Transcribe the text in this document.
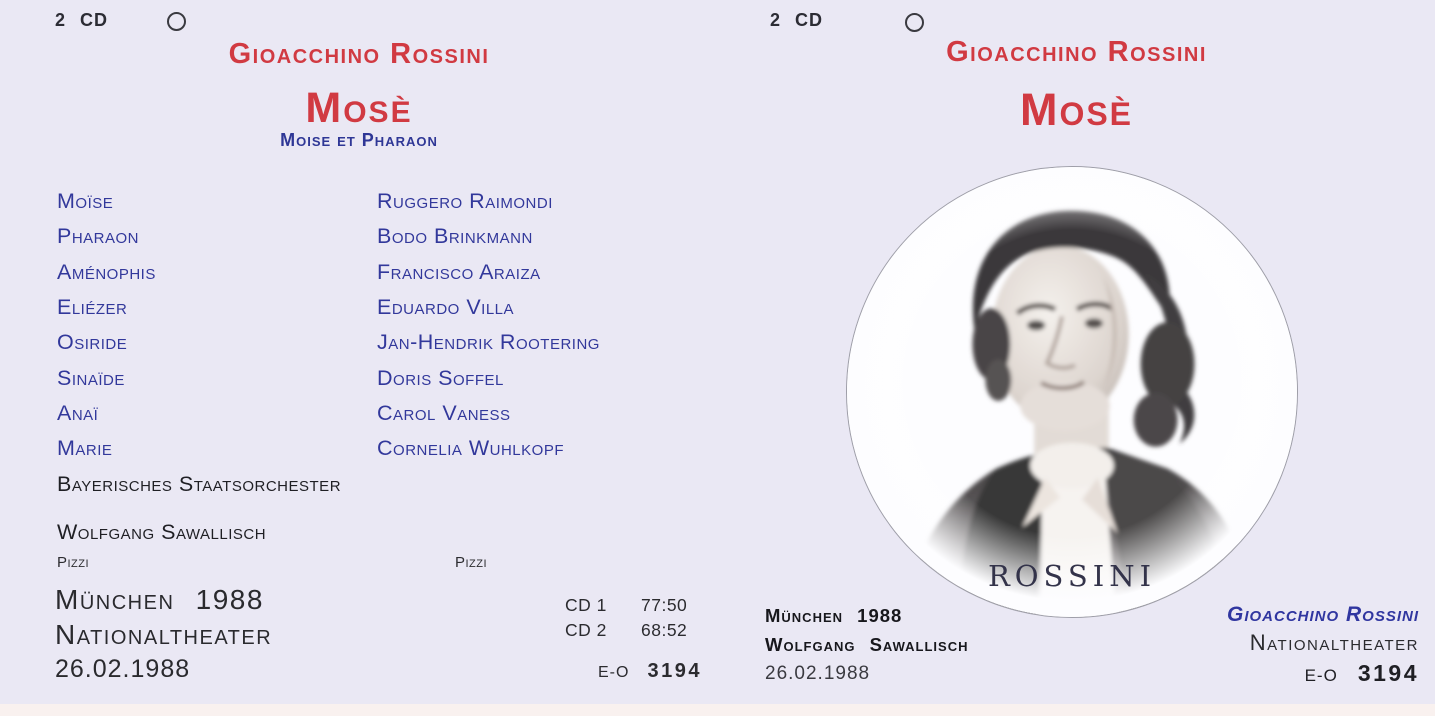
2 CD
Gioacchino Rossini
Mosè
Moise et Pharaon
Moïse	Ruggero Raimondi
Pharaon	Bodo Brinkmann
Aménophis	Francisco Araiza
Eliézer	Eduardo Villa
Osiride	Jan-Hendrik Rootering
Sinaïde	Doris Soffel
Anaï	Carol Vaness
Marie	Cornelia Wuhlkopf
Bayerisches Staatsorchester
Wolfgang Sawallisch
Pizzi	Pizzi
München 1988
Nationaltheater
26.02.1988
CD 1	77:50
CD 2	68:52
E-O 3194
2 CD
Gioacchino Rossini
Mosè
ROSSINI
München 1988
Wolfgang Sawallisch
26.02.1988
Gioacchino Rossini
Nationaltheater
E-O 3194
